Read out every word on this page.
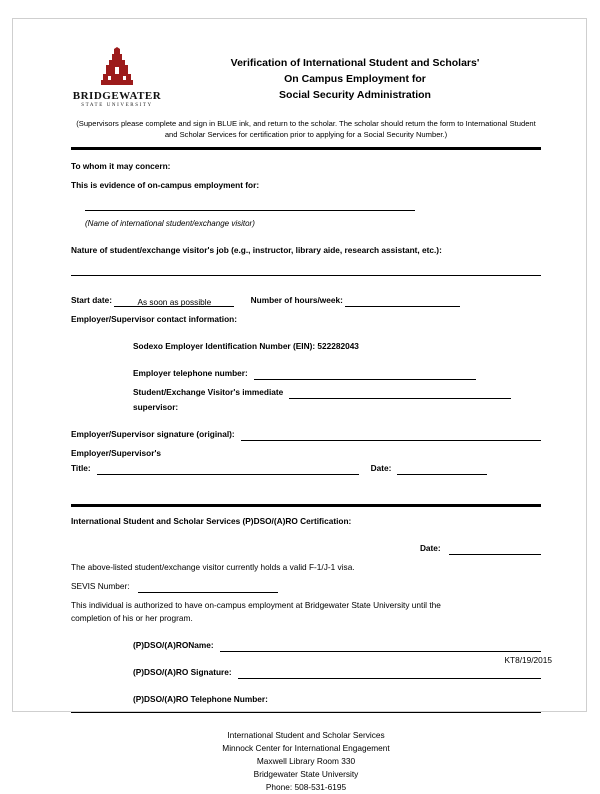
BRIDGEWATER
STATE UNIVERSITY
Verification of International Student and Scholars'
On Campus Employment for
Social Security Administration
(Supervisors please complete and sign in BLUE ink, and return to the scholar. The scholar should return the form to International Student and Scholar Services for certification prior to applying for a Social Security Number.)
To whom it may concern:
This is evidence of on-campus employment for:
(Name of international student/exchange visitor)
Nature of student/exchange visitor's job (e.g., instructor, library aide, research assistant, etc.):
Start date:	As soon as possible	Number of hours/week:
Employer/Supervisor contact information:
Sodexo Employer Identification Number (EIN): 522282043
Employer telephone number:
Student/Exchange Visitor's immediate
supervisor:
Employer/Supervisor signature (original):
Employer/Supervisor's
Title:	Date:
International Student and Scholar Services (P)DSO/(A)RO Certification:
Date:
The above-listed student/exchange visitor currently holds a valid F-1/J-1 visa.
SEVIS Number:
This individual is authorized to have on-campus employment at Bridgewater State University until the
completion of his or her program.
(P)DSO/(A)ROName:
(P)DSO/(A)RO Signature:
(P)DSO/(A)RO Telephone Number:
International Student and Scholar Services
Minnock Center for International Engagement
Maxwell Library Room 330
Bridgewater State University
Phone: 508-531-6195
KT8/19/2015
